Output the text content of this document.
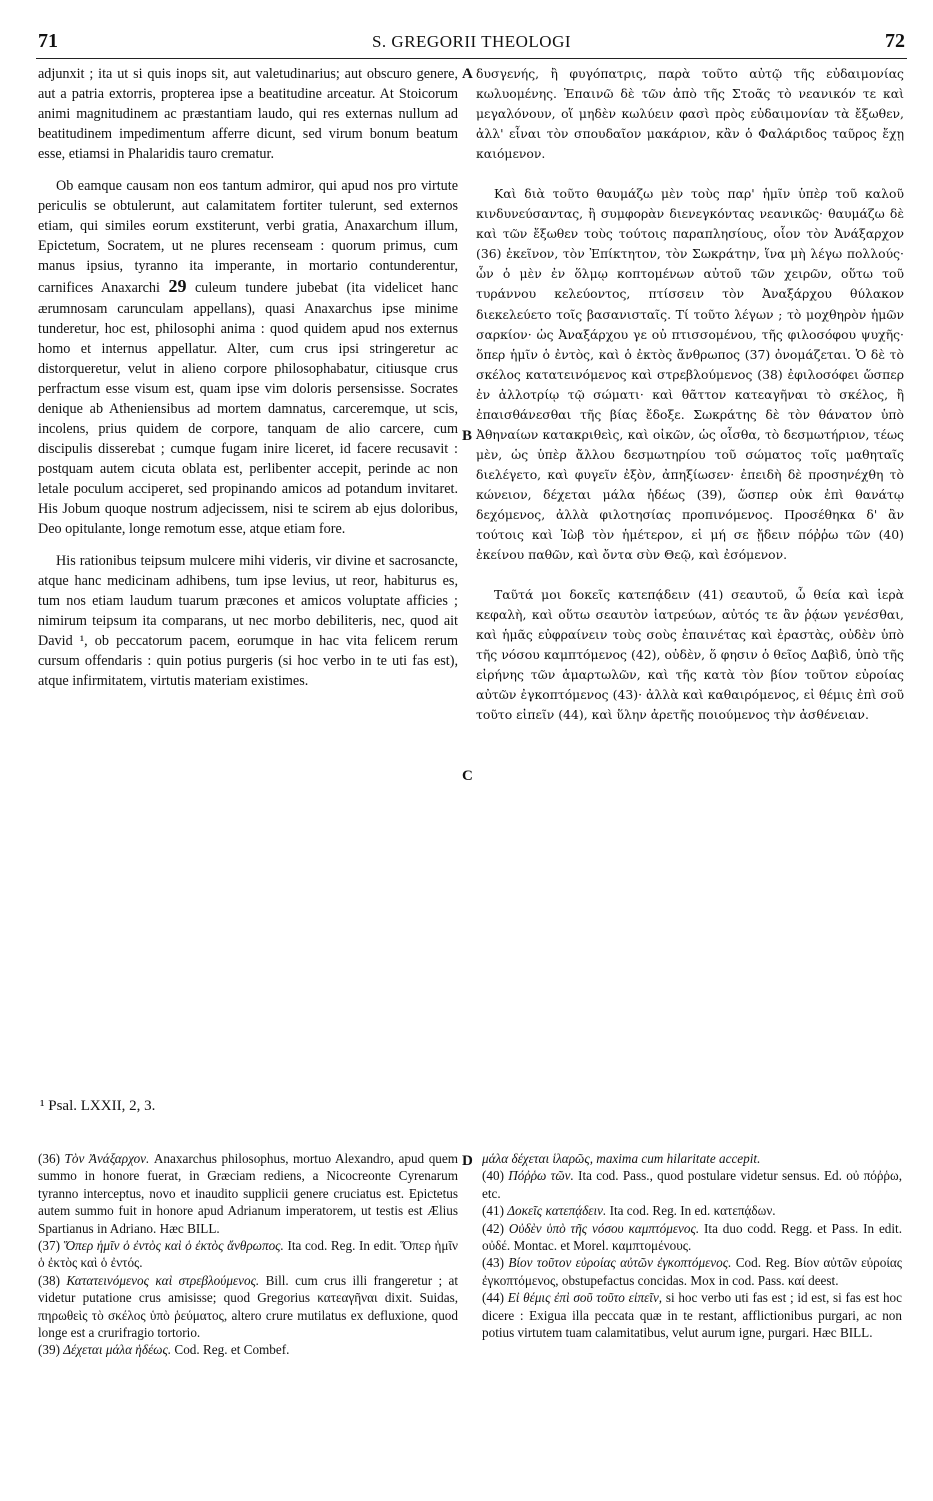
71	S. GREGORII THEOLOGI	72

adjunxit ; ita ut si quis inops sit, aut valetudinarius; aut obscuro genere, aut a patria extorris, propterea ipse a beatitudine arceatur. At Stoicorum animi magnitudinem ac præstantiam laudo, qui res externas nullum ad beatitudinem impedimentum afferre dicunt, sed virum bonum beatum esse, etiamsi in Phalaridis tauro crematur.

Ob eamque causam non eos tantum admiror, qui apud nos pro virtute periculis se obtulerunt, aut calamitatem fortiter tulerunt, sed externos etiam, qui similes eorum exstiterunt, verbi gratia, Anaxarchum illum, Epictetum, Socratem, ut ne plures recenseam : quorum primus, cum manus ipsius, tyranno ita imperante, in mortario contunderentur, carnifices Anaxarchi 29 culeum tundere jubebat (ita videlicet hanc ærumnosam carunculam appellans), quasi Anaxarchus ipse minime tunderetur, hoc est, philosophi anima : quod quidem apud nos externus homo et internus appellatur. Alter, cum crus ipsi stringeretur ac distorqueretur, velut in alieno corpore philosophabatur, citiusque crus perfractum esse visum est, quam ipse vim doloris persensisse. Socrates denique ab Atheniensibus ad mortem damnatus, carceremque, ut scis, incolens, prius quidem de corpore, tanquam de alio carcere, cum discipulis disserebat ; cumque fugam inire liceret, id facere recusavit : postquam autem cicuta oblata est, perlibenter accepit, perinde ac non letale poculum acciperet, sed propinando amicos ad potandum invitaret. His Jobum quoque nostrum adjecissem, nisi te scirem ab ejus doloribus, Deo opitulante, longe remotum esse, atque etiam fore.

His rationibus teipsum mulcere mihi videris, vir divine et sacrosancte, atque hanc medicinam adhibens, tum ipse levius, ut reor, habiturus es, tum nos etiam laudum tuarum præcones et amicos voluptate afficies ; nimirum teipsum ita comparans, ut nec morbo debiliteris, nec, quod ait David ¹, ob peccatorum pacem, eorumque in hac vita felicem rerum cursum offendaris : quin potius purgeris (si hoc verbo in te uti fas est), atque infirmitatem, virtutis materiam existimes.

A
B
C
D

δυσγενής, ἢ φυγόπατρις, παρὰ τοῦτο αὐτῷ τῆς εὐδαιμονίας κωλυομένης. Ἐπαινῶ δὲ τῶν ἀπὸ τῆς Στοᾶς τὸ νεανικόν τε καὶ μεγαλόνουν, οἵ μηδὲν κωλύειν φασὶ πρὸς εὐδαιμονίαν τὰ ἔξωθεν, ἀλλ' εἶναι τὸν σπουδαῖον μακάριον, κἂν ὁ Φαλάριδος ταῦρος ἔχῃ καιόμενον.

Καὶ διὰ τοῦτο θαυμάζω μὲν τοὺς παρ' ἡμῖν ὑπὲρ τοῦ καλοῦ κινδυνεύσαντας, ἢ συμφορὰν διενεγκόντας νεανικῶς· θαυμάζω δὲ καὶ τῶν ἔξωθεν τοὺς τούτοις παραπλησίους, οἷον τὸν Ἀνάξαρχον (36) ἐκεῖνον, τὸν Ἐπίκτητον, τὸν Σωκράτην, ἵνα μὴ λέγω πολλούς· ὧν ὁ μὲν ἐν ὅλμῳ κοπτομένων αὐτοῦ τῶν χειρῶν, οὕτω τοῦ τυράννου κελεύοντος, πτίσσειν τὸν Ἀναξάρχου θύλακον διεκελεύετο τοῖς βασανισταῖς. Τί τοῦτο λέγων ; τὸ μοχθηρὸν ἡμῶν σαρκίον· ὡς Ἀναξάρχου γε οὐ πτισσομένου, τῆς φιλοσόφου ψυχῆς· ὅπερ ἡμῖν ὁ ἐντὸς, καὶ ὁ ἐκτὸς ἄνθρωπος (37) ὀνομάζεται. Ὁ δὲ τὸ σκέλος κατατεινόμενος καὶ στρεβλούμενος (38) ἐφιλοσόφει ὥσπερ ἐν ἀλλοτρίῳ τῷ σώματι· καὶ θᾶττον κατεαγῆναι τὸ σκέλος, ἢ ἐπαισθάνεσθαι τῆς βίας ἔδοξε. Σωκράτης δὲ τὸν θάνατον ὑπὸ Ἀθηναίων κατακριθεὶς, καὶ οἰκῶν, ὡς οἶσθα, τὸ δεσμωτήριον, τέως μὲν, ὡς ὑπὲρ ἄλλου δεσμωτηρίου τοῦ σώματος τοῖς μαθηταῖς διελέγετο, καὶ φυγεῖν ἐξὸν, ἀπηξίωσεν· ἐπειδὴ δὲ προσηνέχθη τὸ κώνειον, δέχεται μάλα ἡδέως (39), ὥσπερ οὐκ ἐπὶ θανάτῳ δεχόμενος, ἀλλὰ φιλοτησίας προπινόμενος. Προσέθηκα δ' ἂν τούτοις καὶ Ἰὼβ τὸν ἡμέτερον, εἰ μή σε ᾔδειν πόῤῥω τῶν (40) ἐκείνου παθῶν, καὶ ὄντα σὺν Θεῷ, καὶ ἐσόμενον.

Ταῦτά μοι δοκεῖς κατεπᾴδειν (41) σεαυτοῦ, ὦ θεία καὶ ἱερὰ κεφαλὴ, καὶ οὕτω σεαυτὸν ἰατρεύων, αὐτός τε ἂν ῥᾴων γενέσθαι, καὶ ἡμᾶς εὐφραίνειν τοὺς σοὺς ἐπαινέτας καὶ ἐραστὰς, οὐδὲν ὑπὸ τῆς νόσου καμπτόμενος (42), οὐδὲν, ὅ φησιν ὁ θεῖος Δαβὶδ, ὑπὸ τῆς εἰρήνης τῶν ἁμαρτωλῶν, καὶ τῆς κατὰ τὸν βίον τοῦτον εὐροίας αὐτῶν ἐγκοπτόμενος (43)· ἀλλὰ καὶ καθαιρόμενος, εἰ θέμις ἐπὶ σοῦ τοῦτο εἰπεῖν (44), καὶ ὕλην ἀρετῆς ποιούμενος τὴν ἀσθένειαν.

¹ Psal. LXXII, 2, 3.

(36) Τὸν Ἀνάξαρχον. Anaxarchus philosophus, mortuo Alexandro, apud quem summo in honore fuerat, in Græciam rediens, a Nicocreonte Cyrenarum tyranno interceptus, novo et inaudito supplicii genere cruciatus est. Epictetus autem summo fuit in honore apud Adrianum imperatorem, ut testis est Ælius Spartianus in Adriano. Hæc BILL.

(37) Ὅπερ ἡμῖν ὁ ἐντὸς καὶ ὁ ἐκτὸς ἄνθρωπος. Ita cod. Reg. In edit. Ὅπερ ἡμῖν ὁ ἐκτὸς καὶ ὁ ἐντός.

(38) Κατατεινόμενος καὶ στρεβλούμενος. Bill. cum crus illi frangeretur ; at videtur putatione crus amisisse; quod Gregorius κατεαγῆναι dixit. Suidas, πηρωθεὶς τὸ σκέλος ὑπὸ ῥεύματος, altero crure mutilatus ex defluxione, quod longe est a crurifragio tortorio.

(39) Δέχεται μάλα ἡδέως. Cod. Reg. et Combef.

μάλα δέχεται ἱλαρῶς, maxima cum hilaritate accepit.

(40) Πόῤῥω τῶν. Ita cod. Pass., quod postulare videtur sensus. Ed. οὐ πόῤῥω, etc.

(41) Δοκεῖς κατεπᾴδειν. Ita cod. Reg. In ed. κατεπᾴδων.

(42) Οὐδὲν ὑπὸ τῆς νόσου καμπτόμενος. Ita duo codd. Regg. et Pass. In edit. οὐδέ. Montac. et Morel. καμπτομένους.

(43) Βίον τοῦτον εὐροίας αὐτῶν ἐγκοπτόμενος. Cod. Reg. Βίον αὐτῶν εὐροίας ἐγκοπτόμενος, obstupefactus concidas. Mox in cod. Pass. καί deest.

(44) Εἰ θέμις ἐπὶ σοῦ τοῦτο εἰπεῖν, si hoc verbo uti fas est ; id est, si fas est hoc dicere : Exigua illa peccata quæ in te restant, afflictionibus purgari, ac non potius virtutem tuam calamitatibus, velut aurum igne, purgari. Hæc BILL.
